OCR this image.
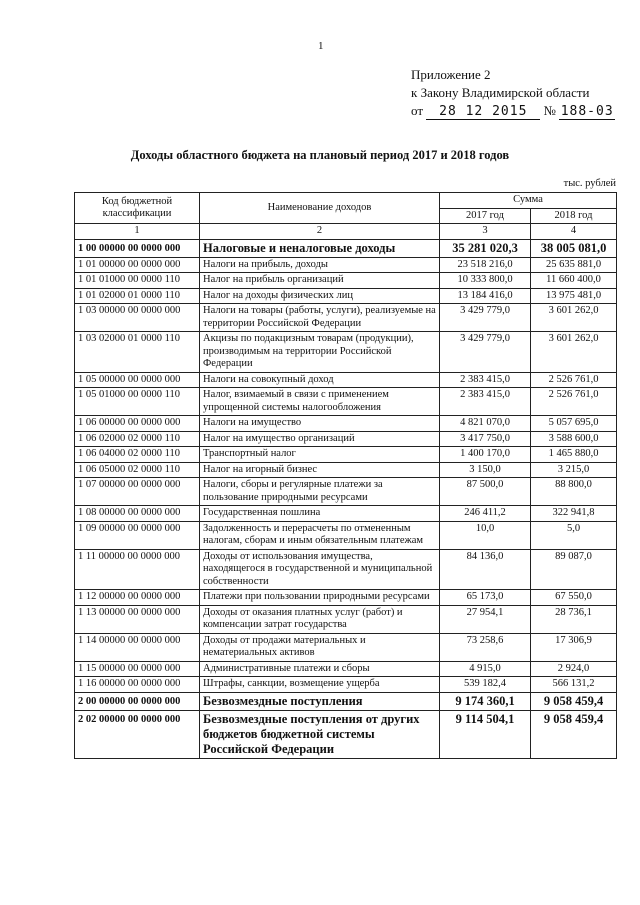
1
Приложение 2
к Закону Владимирской области
от 28 12 2015 № 188-03
Доходы областного бюджета на плановый период 2017 и 2018 годов
тыс. рублей
Код бюджетной классификации	Наименование доходов	Сумма	
		2017 год	2018 год
1	2	3	4
1 00 00000 00 0000 000	Налоговые и неналоговые доходы	35 281 020,3	38 005 081,0
1 01 00000 00 0000 000	Налоги на прибыль, доходы	23 518 216,0	25 635 881,0
1 01 01000 00 0000 110	Налог на прибыль организаций	10 333 800,0	11 660 400,0
1 01 02000 01 0000 110	Налог на доходы физических лиц	13 184 416,0	13 975 481,0
1 03 00000 00 0000 000	Налоги на товары (работы, услуги), реализуемые на территории Российской Федерации	3 429 779,0	3 601 262,0
1 03 02000 01 0000 110	Акцизы по подакцизным товарам (продукции), производимым на территории Российской Федерации	3 429 779,0	3 601 262,0
1 05 00000 00 0000 000	Налоги на совокупный доход	2 383 415,0	2 526 761,0
1 05 01000 00 0000 110	Налог, взимаемый в связи с применением упрощенной системы налогообложения	2 383 415,0	2 526 761,0
1 06 00000 00 0000 000	Налоги на имущество	4 821 070,0	5 057 695,0
1 06 02000 02 0000 110	Налог на имущество организаций	3 417 750,0	3 588 600,0
1 06 04000 02 0000 110	Транспортный налог	1 400 170,0	1 465 880,0
1 06 05000 02 0000 110	Налог на игорный бизнес	3 150,0	3 215,0
1 07 00000 00 0000 000	Налоги, сборы и регулярные платежи за пользование природными ресурсами	87 500,0	88 800,0
1 08 00000 00 0000 000	Государственная пошлина	246 411,2	322 941,8
1 09 00000 00 0000 000	Задолженность и перерасчеты по отмененным налогам, сборам и иным обязательным платежам	10,0	5,0
1 11 00000 00 0000 000	Доходы от использования имущества, находящегося в государственной и муниципальной собственности	84 136,0	89 087,0
1 12 00000 00 0000 000	Платежи при пользовании природными ресурсами	65 173,0	67 550,0
1 13 00000 00 0000 000	Доходы от оказания платных услуг (работ) и компенсации затрат государства	27 954,1	28 736,1
1 14 00000 00 0000 000	Доходы от продажи материальных и нематериальных активов	73 258,6	17 306,9
1 15 00000 00 0000 000	Административные платежи и сборы	4 915,0	2 924,0
1 16 00000 00 0000 000	Штрафы, санкции, возмещение ущерба	539 182,4	566 131,2
2 00 00000 00 0000 000	Безвозмездные поступления	9 174 360,1	9 058 459,4
2 02 00000 00 0000 000	Безвозмездные поступления от других бюджетов бюджетной системы Российской Федерации	9 114 504,1	9 058 459,4
